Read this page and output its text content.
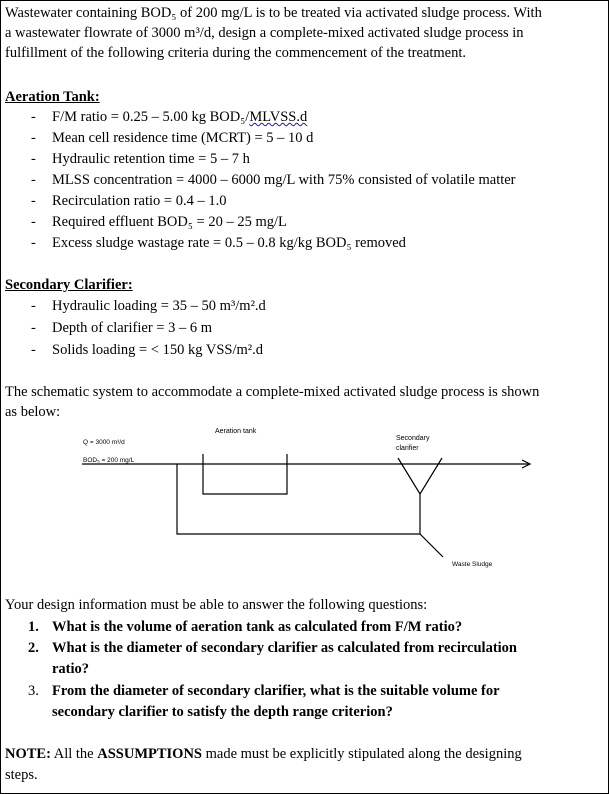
Wastewater containing BOD₅ of 200 mg/L is to be treated via activated sludge process. With
a wastewater flowrate of 3000 m³/d, design a complete-mixed activated sludge process in
fulfillment of the following criteria during the commencement of the treatment.
Aeration Tank:
- F/M ratio = 0.25 – 5.00 kg BOD₅/MLVSS.d
- Mean cell residence time (MCRT) = 5 – 10 d
- Hydraulic retention time = 5 – 7 h
- MLSS concentration = 4000 – 6000 mg/L with 75% consisted of volatile matter
- Recirculation ratio = 0.4 – 1.0
- Required effluent BOD₅ = 20 – 25 mg/L
- Excess sludge wastage rate = 0.5 – 0.8 kg/kg BOD₅ removed
Secondary Clarifier:
- Hydraulic loading = 35 – 50 m³/m².d
- Depth of clarifier = 3 – 6 m
- Solids loading = < 150 kg VSS/m².d
The schematic system to accommodate a complete-mixed activated sludge process is shown
as below:
Q = 3000 m³/d
BOD₅ = 200 mg/L
Aeration tank
Secondary
clarifier
Waste Sludge
Your design information must be able to answer the following questions:
1. What is the volume of aeration tank as calculated from F/M ratio?
2. What is the diameter of secondary clarifier as calculated from recirculation
ratio?
3. From the diameter of secondary clarifier, what is the suitable volume for
secondary clarifier to satisfy the depth range criterion?
NOTE: All the ASSUMPTIONS made must be explicitly stipulated along the designing
steps.
